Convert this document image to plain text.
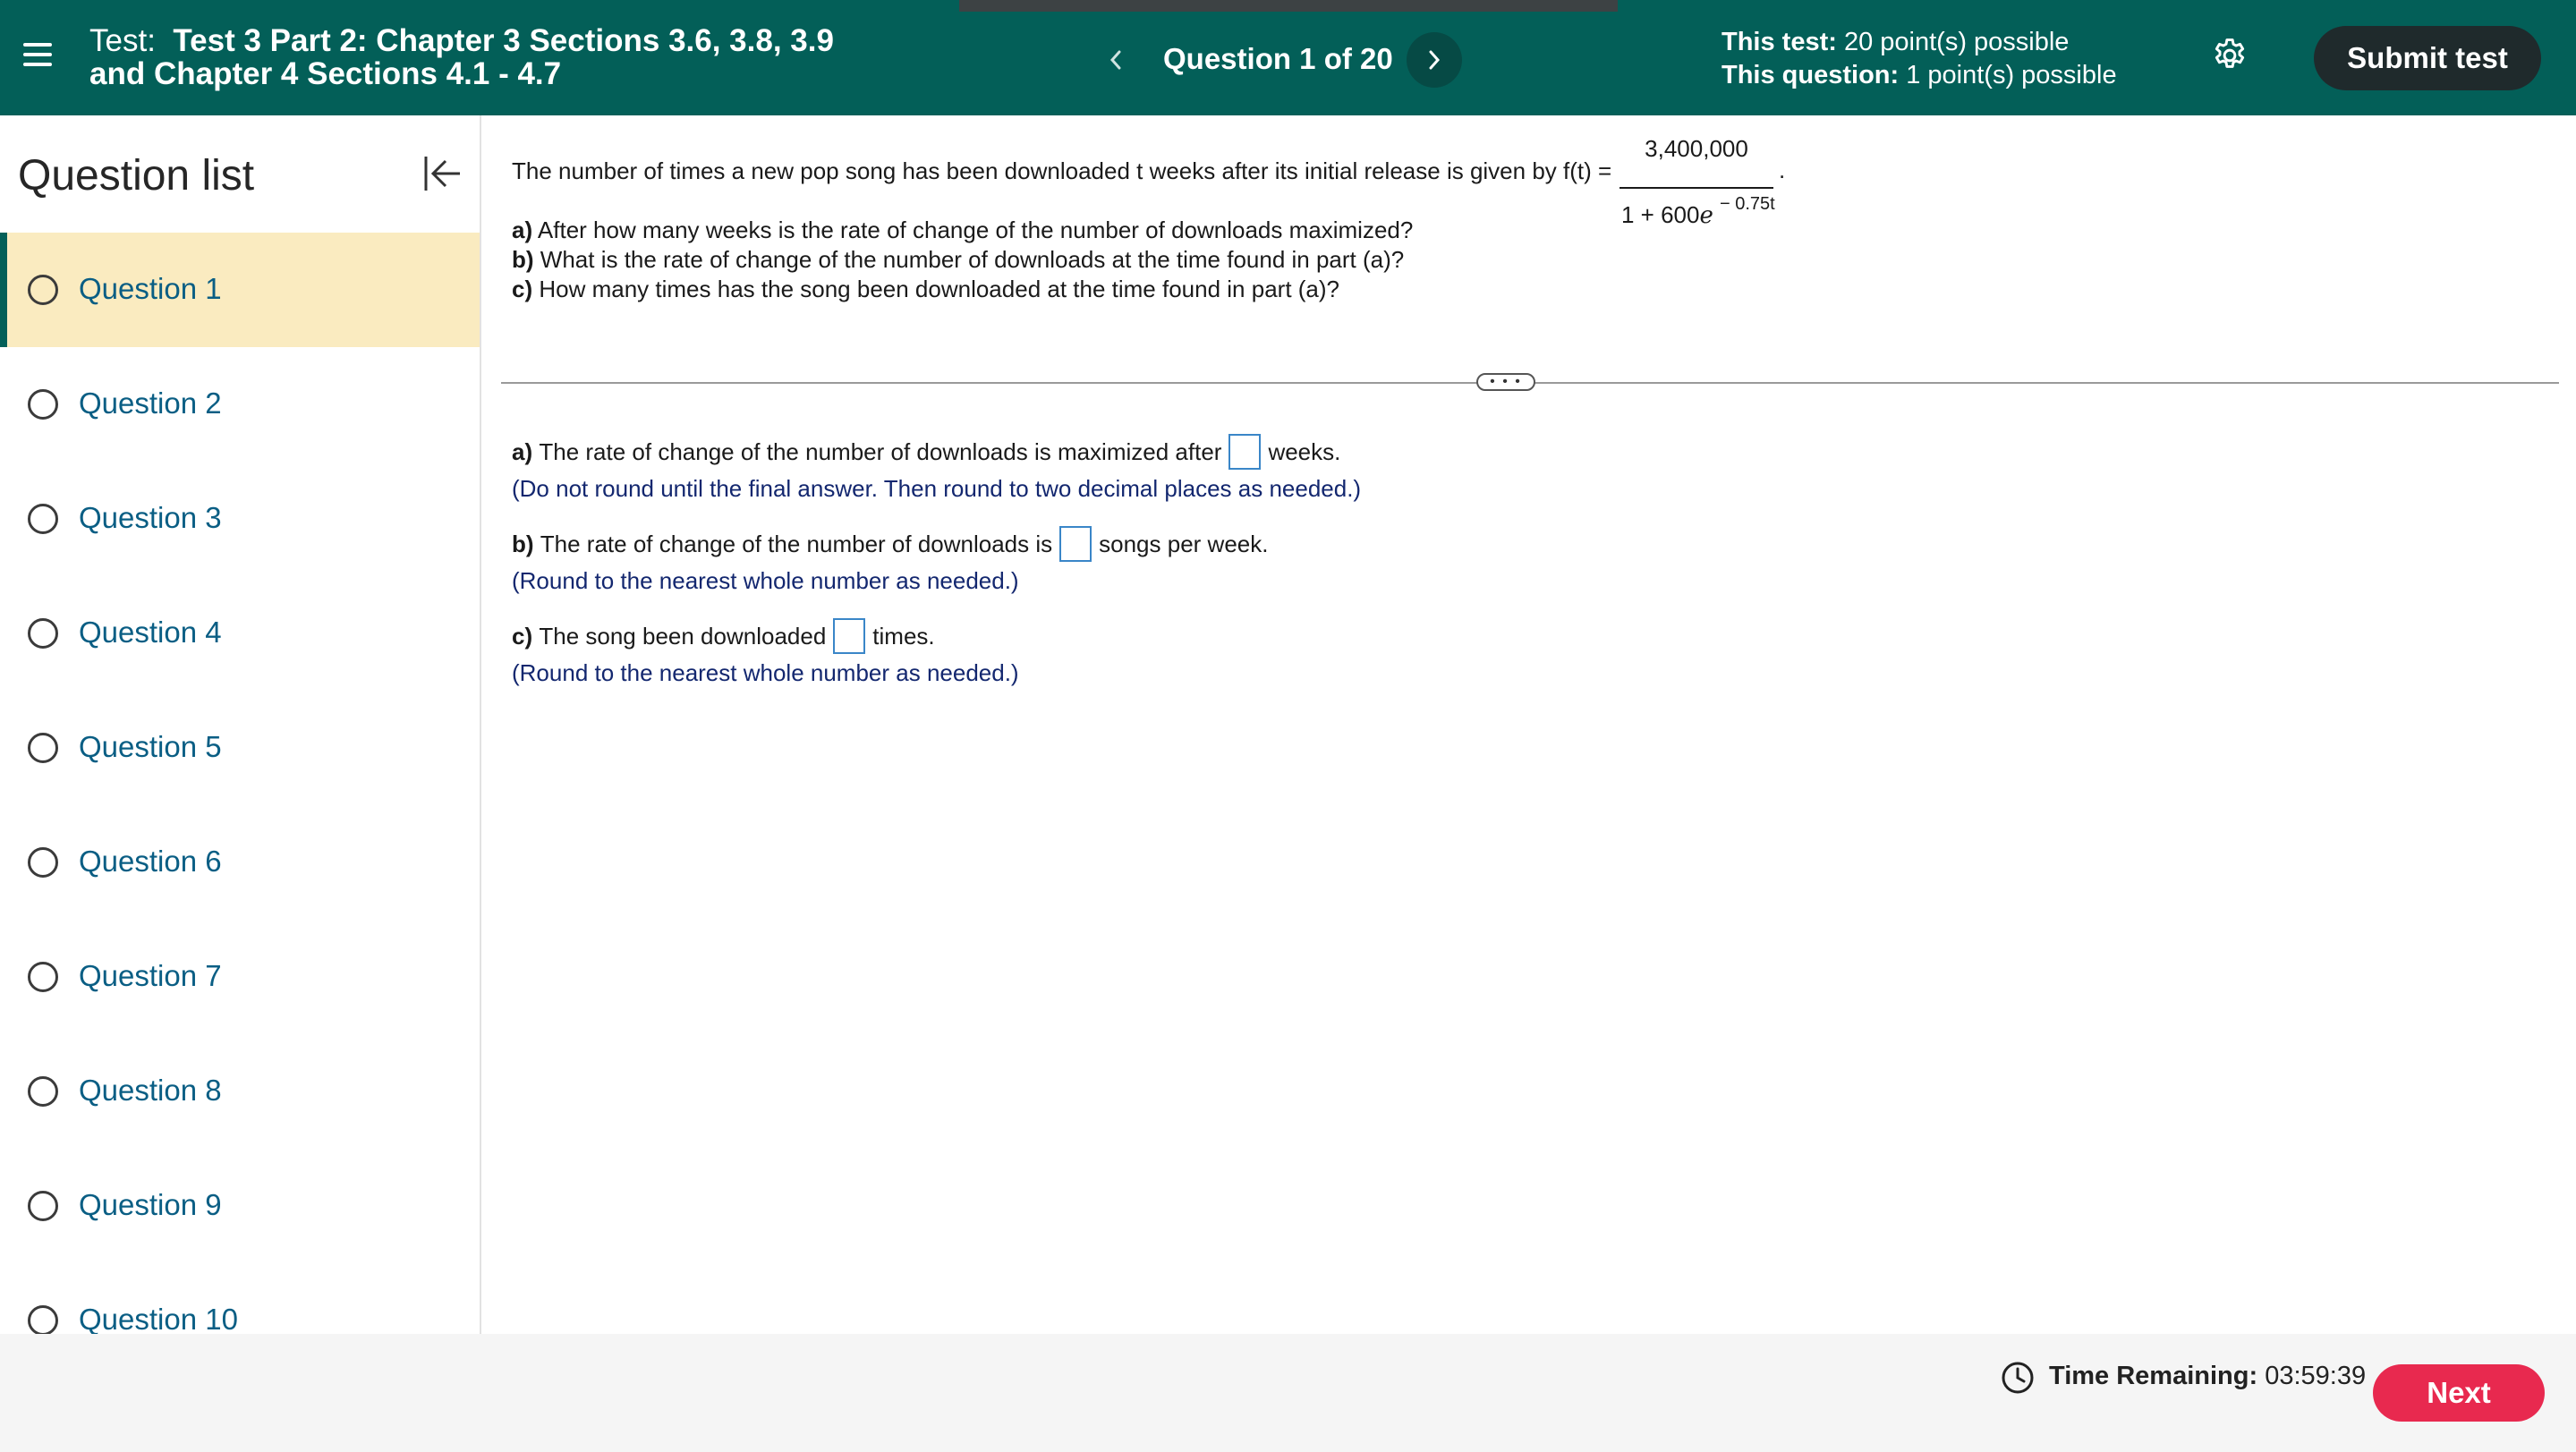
Test: Test 3 Part 2: Chapter 3 Sections 3.6, 3.8, 3.9
and Chapter 4 Sections 4.1 - 4.7	Question 1 of 20	This test: 20 point(s) possible
This question: 1 point(s) possible
Submit test
Question list
Question 1
Question 2
Question 3
Question 4
Question 5
Question 6
Question 7
Question 8
Question 9
Question 10
The number of times a new pop song has been downloaded t weeks after its initial release is given by f(t) =
3,400,000
1 + 600e − 0.75t
.
a) After how many weeks is the rate of change of the number of downloads maximized?
b) What is the rate of change of the number of downloads at the time found in part (a)?
c) How many times has the song been downloaded at the time found in part (a)?
• • •
a)
The rate of change of the number of downloads is maximized after weeks.
(Do not round until the final answer. Then round to two decimal places as needed.)
b)
The rate of change of the number of downloads is songs per week.
(Round to the nearest whole number as needed.)
c)
The song been downloaded times.
(Round to the nearest whole number as needed.)
Time Remaining: 03:59:39	Next
